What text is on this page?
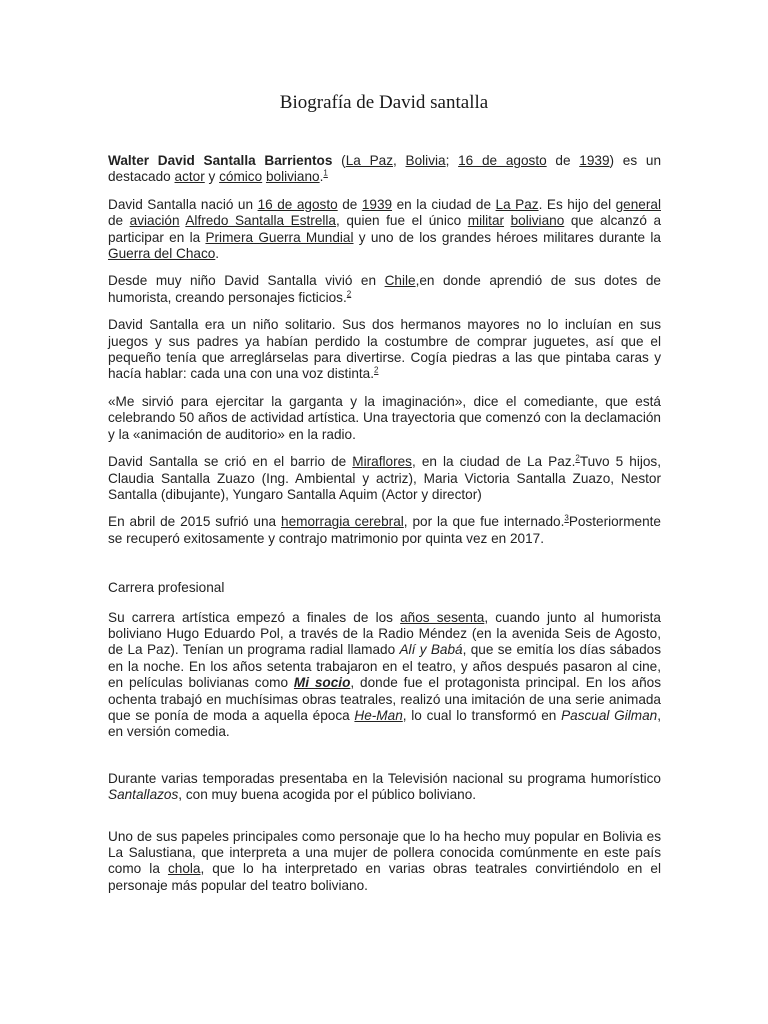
Biografía de David santalla

Walter David Santalla Barrientos (La Paz, Bolivia; 16 de agosto de 1939) es un destacado actor y cómico boliviano.$^1$

David Santalla nació un 16 de agosto de 1939 en la ciudad de La Paz. Es hijo del general de aviación Alfredo Santalla Estrella, quien fue el único militar boliviano que alcanzó a participar en la Primera Guerra Mundial y uno de los grandes héroes militares durante la Guerra del Chaco.

Desde muy niño David Santalla vivió en Chile,en donde aprendió de sus dotes de humorista, creando personajes ficticios.$^2$

David Santalla era un niño solitario. Sus dos hermanos mayores no lo incluían en sus juegos y sus padres ya habían perdido la costumbre de comprar juguetes, así que el pequeño tenía que arreglárselas para divertirse. Cogía piedras a las que pintaba caras y hacía hablar: cada una con una voz distinta.$^2$

«Me sirvió para ejercitar la garganta y la imaginación», dice el comediante, que está celebrando 50 años de actividad artística. Una trayectoria que comenzó con la declamación y la «animación de auditorio» en la radio.

David Santalla se crió en el barrio de Miraflores, en la ciudad de La Paz.$^2$Tuvo 5 hijos, Claudia Santalla Zuazo (Ing. Ambiental y actriz), Maria Victoria Santalla Zuazo, Nestor Santalla (dibujante), Yungaro Santalla Aquim (Actor y director)

En abril de 2015 sufrió una hemorragia cerebral, por la que fue internado.$^3$Posteriormente se recuperó exitosamente y contrajo matrimonio por quinta vez en 2017.

Carrera profesional

Su carrera artística empezó a finales de los años sesenta, cuando junto al humorista boliviano Hugo Eduardo Pol, a través de la Radio Méndez (en la avenida Seis de Agosto, de La Paz). Tenían un programa radial llamado Alí y Babá, que se emitía los días sábados en la noche. En los años setenta trabajaron en el teatro, y años después pasaron al cine, en películas bolivianas como Mi socio, donde fue el protagonista principal. En los años ochenta trabajó en muchísimas obras teatrales, realizó una imitación de una serie animada que se ponía de moda a aquella época He-Man, lo cual lo transformó en Pascual Gilman, en versión comedia.

Durante varias temporadas presentaba en la Televisión nacional su programa humorístico Santallazos, con muy buena acogida por el público boliviano.

Uno de sus papeles principales como personaje que lo ha hecho muy popular en Bolivia es La Salustiana, que interpreta a una mujer de pollera conocida comúnmente en este país como la chola, que lo ha interpretado en varias obras teatrales convirtiéndolo en el personaje más popular del teatro boliviano.
